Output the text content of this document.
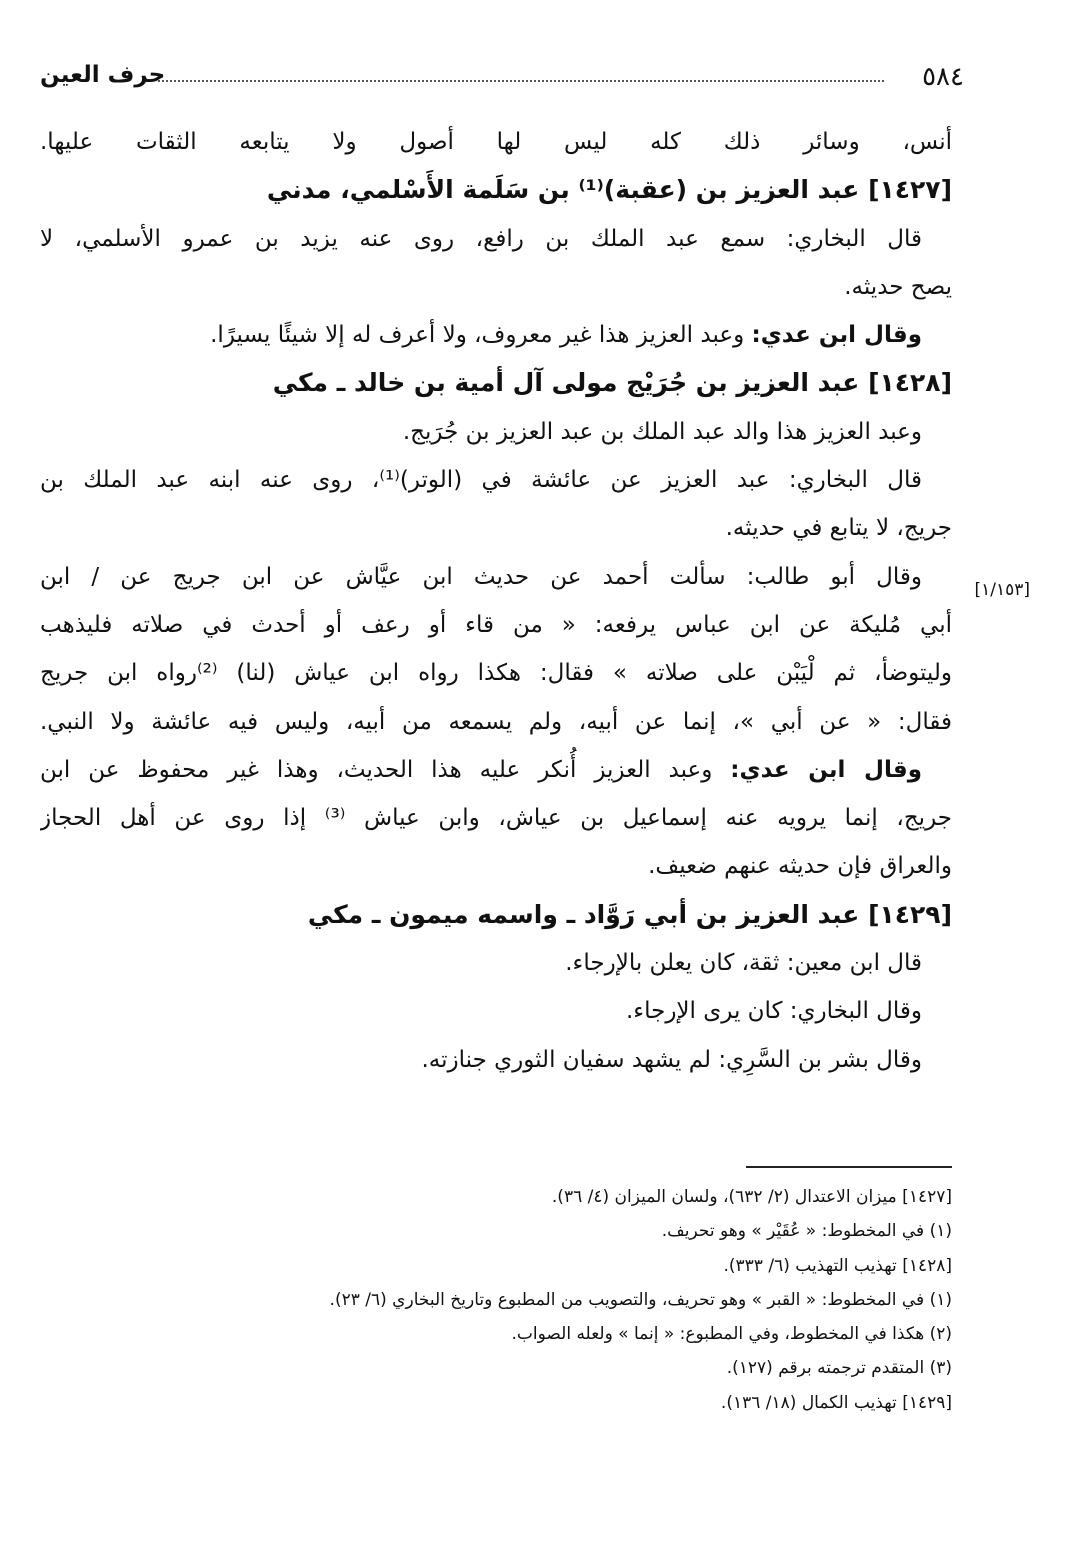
٥٨٤
حرف العين
[١/١٥٣]
أنس، وسائر ذلك كله ليس لها أصول ولا يتابعه الثقات عليها.
[١٤٢٧] عبد العزيز بن (عقبة)⁽¹⁾ بن سَلَمة الأَسْلمي، مدني
قال البخاري: سمع عبد الملك بن رافع، روى عنه يزيد بن عمرو الأسلمي، لا
يصح حديثه.
وقال ابن عدي: وعبد العزيز هذا غير معروف، ولا أعرف له إلا شيئًا يسيرًا.
[١٤٢٨] عبد العزيز بن جُرَيْج مولى آل أمية بن خالد ـ مكي
وعبد العزيز هذا والد عبد الملك بن عبد العزيز بن جُرَيج.
قال البخاري: عبد العزيز عن عائشة في (الوتر)⁽¹⁾، روى عنه ابنه عبد الملك بن
جريج، لا يتابع في حديثه.
وقال أبو طالب: سألت أحمد عن حديث ابن عيَّاش عن ابن جريج عن / ابن
أبي مُليكة عن ابن عباس يرفعه: « من قاء أو رعف أو أحدث في صلاته فليذهب
وليتوضأ، ثم لْيَبْن على صلاته » فقال: هكذا رواه ابن عياش (لنا) ⁽²⁾رواه ابن جريج
فقال: « عن أبي »، إنما عن أبيه، ولم يسمعه من أبيه، وليس فيه عائشة ولا النبي.
وقال ابن عدي: وعبد العزيز أُنكر عليه هذا الحديث، وهذا غير محفوظ عن ابن
جريج، إنما يرويه عنه إسماعيل بن عياش، وابن عياش ⁽³⁾ إذا روى عن أهل الحجاز
والعراق فإن حديثه عنهم ضعيف.
[١٤٢٩] عبد العزيز بن أبي رَوَّاد ـ واسمه ميمون ـ مكي
قال ابن معين: ثقة، كان يعلن بالإرجاء.
وقال البخاري: كان يرى الإرجاء.
وقال بشر بن السَّرِي: لم يشهد سفيان الثوري جنازته.
[١٤٢٧] ميزان الاعتدال (٢/ ٦٣٢)، ولسان الميزان (٤/ ٣٦).
(١) في المخطوط: « عُقَيْر » وهو تحريف.
[١٤٢٨] تهذيب التهذيب (٦/ ٣٣٣).
(١) في المخطوط: « القبر » وهو تحريف، والتصويب من المطبوع وتاريخ البخاري (٦/ ٢٣).
(٢) هكذا في المخطوط، وفي المطبوع: « إنما » ولعله الصواب.
(٣) المتقدم ترجمته برقم (١٢٧).
[١٤٢٩] تهذيب الكمال (١٨/ ١٣٦).
